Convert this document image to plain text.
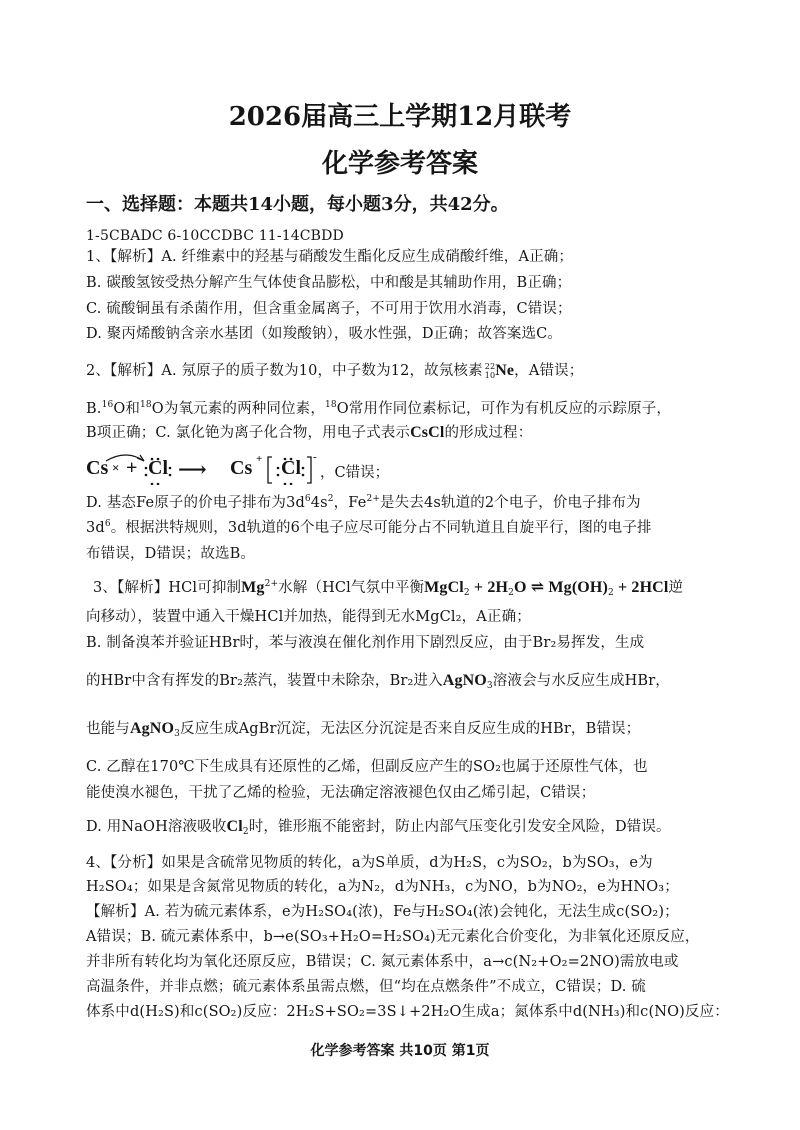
2026届高三上学期12月联考
化学参考答案
一、选择题：本题共14小题，每小题3分，共42分。
1-5CBADC 6-10CCDBC 11-14CBDD
1、【解析】A. 纤维素中的羟基与硝酸发生酯化反应生成硝酸纤维，A正确；
B. 碳酸氢铵受热分解产生气体使食品膨松，中和酸是其辅助作用，B正确；
C. 硫酸铜虽有杀菌作用，但含重金属离子，不可用于饮用水消毒，C错误；
D. 聚丙烯酸钠含亲水基团（如羧酸钠），吸水性强，D正确；故答案选C。
2、【解析】A. 氖原子的质子数为10，中子数为12，故氖核素 22
10Ne，A错误；
B.$^{16}$O和$^{18}$O为氧元素的两种同位素，$^{18}$O常用作同位素标记，可作为有机反应的示踪原子，
B项正确；C. 氯化铯为离子化合物，用电子式表示CsCl的形成过程：
Cs × + Cl ⟶ Cs + Cl -
，C错误；
D. 基态Fe原子的价电子排布为$3d^64s^2$，$Fe^{2+}$是失去4s轨道的2个电子，价电子排布为
$3d^6$。根据洪特规则，3d轨道的6个电子应尽可能分占不同轨道且自旋平行，图的电子排
布错误，D错误；故选B。
3、【解析】HCl可抑制$Mg^{2+}$水解（HCl气氛中平衡MgCl$_2$ + $2H_2O$ ⇌ $Mg(OH)_2 + 2HCl$逆
向移动），装置中通入干燥HCl并加热，能得到无水MgCl₂，A正确；
B. 制备溴苯并验证HBr时，苯与液溴在催化剂作用下剧烈反应，由于Br₂易挥发，生成
的HBr中含有挥发的Br₂蒸汽，装置中未除杂，Br₂进入AgNO$_3$溶液会与水反应生成HBr，
也能与AgNO$_3$反应生成AgBr沉淀，无法区分沉淀是否来自反应生成的HBr，B错误；
C. 乙醇在170℃下生成具有还原性的乙烯，但副反应产生的SO₂也属于还原性气体，也
能使溴水褪色，干扰了乙烯的检验，无法确定溶液褪色仅由乙烯引起，C错误；
D. 用NaOH溶液吸收$Cl_2$时，锥形瓶不能密封，防止内部气压变化引发安全风险，D错误。
4、【分析】如果是含硫常见物质的转化，a为S单质，d为H₂S，c为SO₂，b为SO₃，e为
H₂SO₄；如果是含氮常见物质的转化，a为N₂，d为NH₃，c为NO，b为NO₂，e为HNO₃；
【解析】A. 若为硫元素体系，e为H₂SO₄(浓)，Fe与H₂SO₄(浓)会钝化，无法生成c(SO₂)；
A错误；B. 硫元素体系中，b→e(SO₃+H₂O=H₂SO₄)无元素化合价变化，为非氧化还原反应，
并非所有转化均为氧化还原反应，B错误；C. 氮元素体系中，a→c(N₂+O₂=2NO)需放电或
高温条件，并非点燃；硫元素体系虽需点燃，但“均在点燃条件”不成立，C错误；D. 硫
体系中d(H₂S)和c(SO₂)反应：2H₂S+SO₂=3S↓+2H₂O生成a；氮体系中d(NH₃)和c(NO)反应：
化学参考答案 共10页 第1页
